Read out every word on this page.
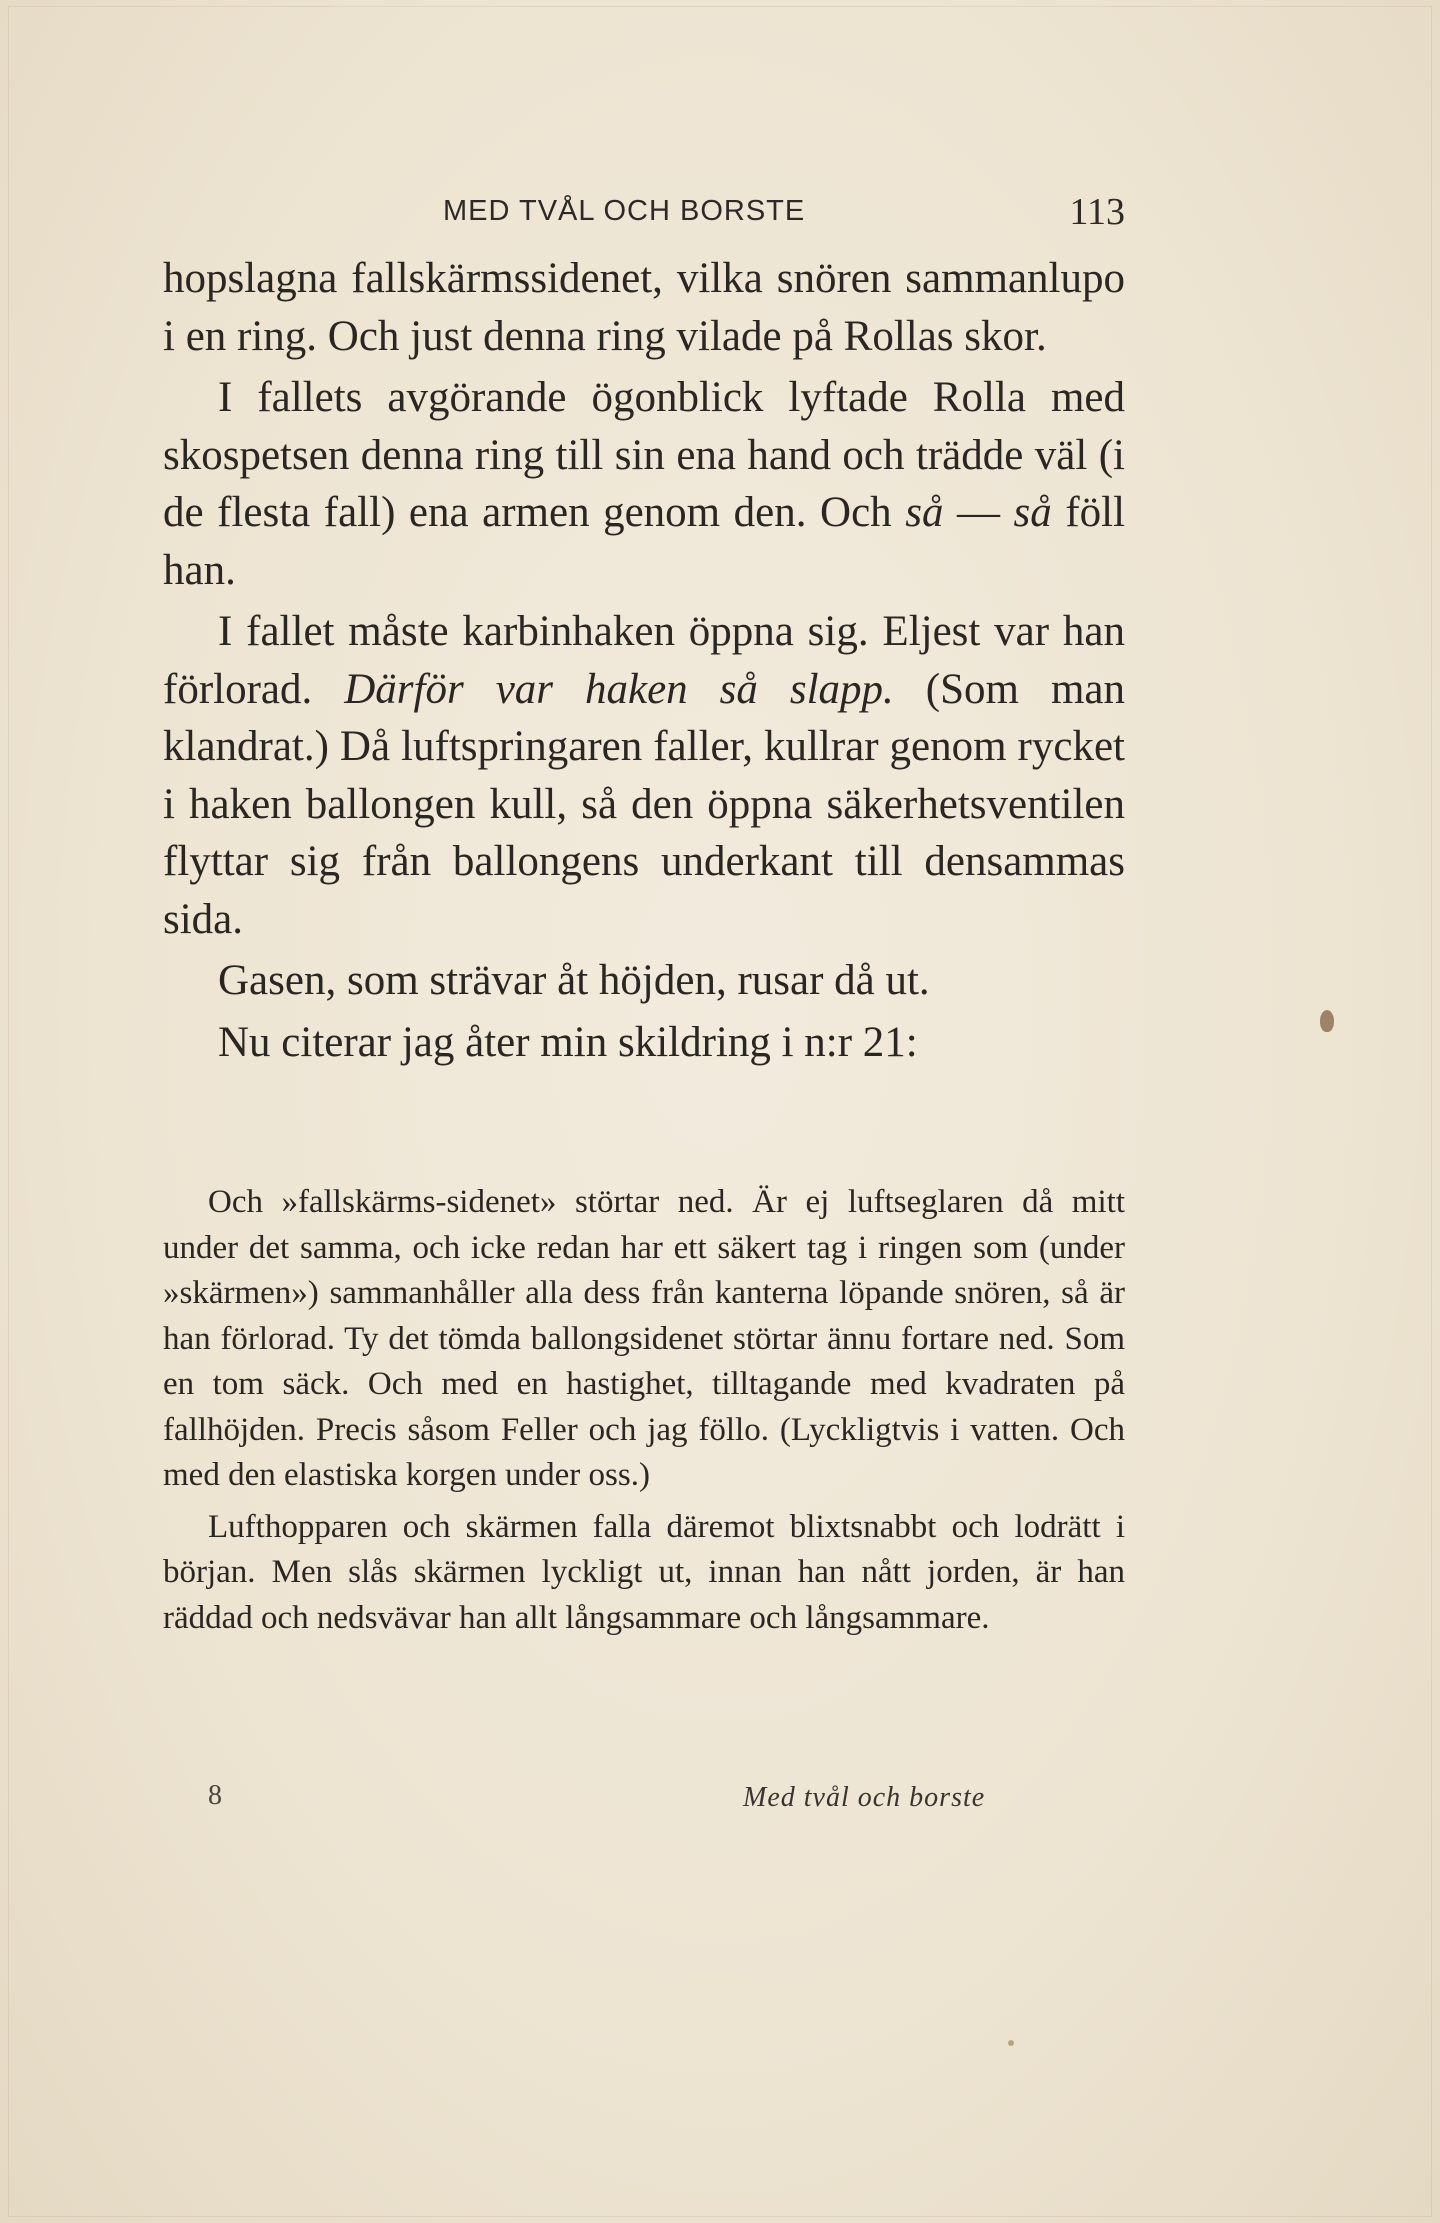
MED TVÅL OCH BORSTE	113

hopslagna fallskärmssidenet, vilka snören sammanlupo i en ring. Och just denna ring vilade på Rollas skor.

I fallets avgörande ögonblick lyftade Rolla med skospetsen denna ring till sin ena hand och trädde väl (i de flesta fall) ena armen genom den. Och så — så föll han.

I fallet måste karbinhaken öppna sig. Eljest var han förlorad. Därför var haken så slapp. (Som man klandrat.) Då luftspringaren faller, kullrar genom rycket i haken ballongen kull, så den öppna säkerhetsventilen flyttar sig från ballongens underkant till densammas sida.

Gasen, som strävar åt höjden, rusar då ut.

Nu citerar jag åter min skildring i n:r 21:

Och »fallskärms-sidenet» störtar ned. Är ej luftseglaren då mitt under det samma, och icke redan har ett säkert tag i ringen som (under »skärmen») sammanhåller alla dess från kanterna löpande snören, så är han förlorad. Ty det tömda ballongsidenet störtar ännu fortare ned. Som en tom säck. Och med en hastighet, tilltagande med kvadraten på fallhöjden. Precis såsom Feller och jag föllo. (Lyckligtvis i vatten. Och med den elastiska korgen under oss.)

Lufthopparen och skärmen falla däremot blixtsnabbt och lodrätt i början. Men slås skärmen lyckligt ut, innan han nått jorden, är han räddad och nedsvävar han allt långsammare och långsammare.

8	Med tvål och borste
